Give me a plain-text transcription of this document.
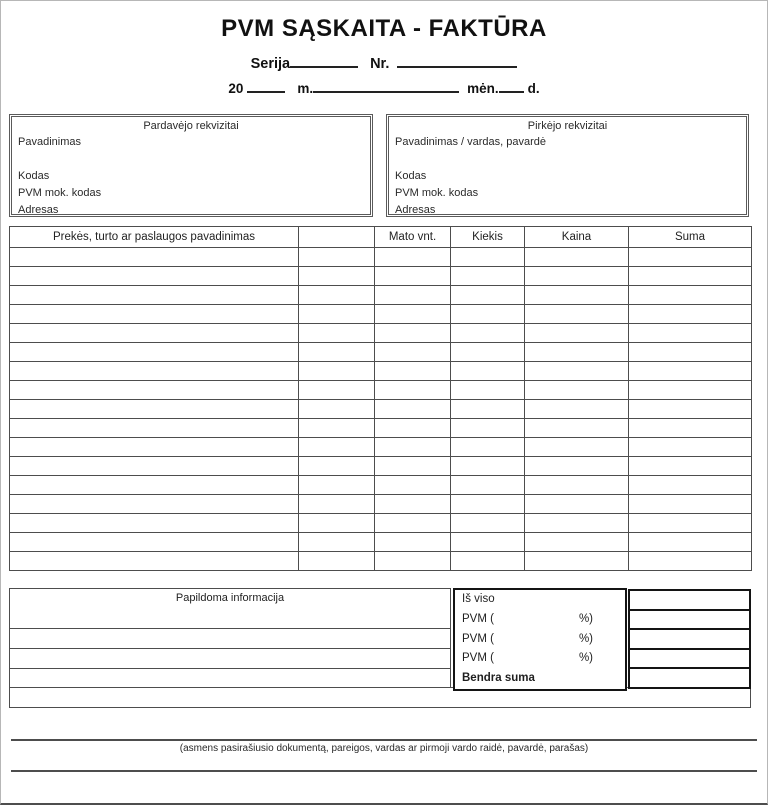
PVM SĄSKAITA - FAKTŪRA
Serija	Nr.
20	m.	mėn. d.
Pardavėjo rekvizitai
Pavadinimas
Kodas
PVM mok. kodas
Adresas
Pirkėjo rekvizitai
Pavadinimas / vardas, pavardė
Kodas
PVM mok. kodas
Adresas
Prekės, turto ar paslaugos pavadinimas		Mato vnt.	Kiekis	Kaina	Suma

Papildoma informacija	Iš viso
PVM (	%)
PVM (	%)
PVM (	%)
Bendra suma
(asmens pasirašiusio dokumentą, pareigos, vardas ar pirmoji vardo raidė, pavardė, parašas)
